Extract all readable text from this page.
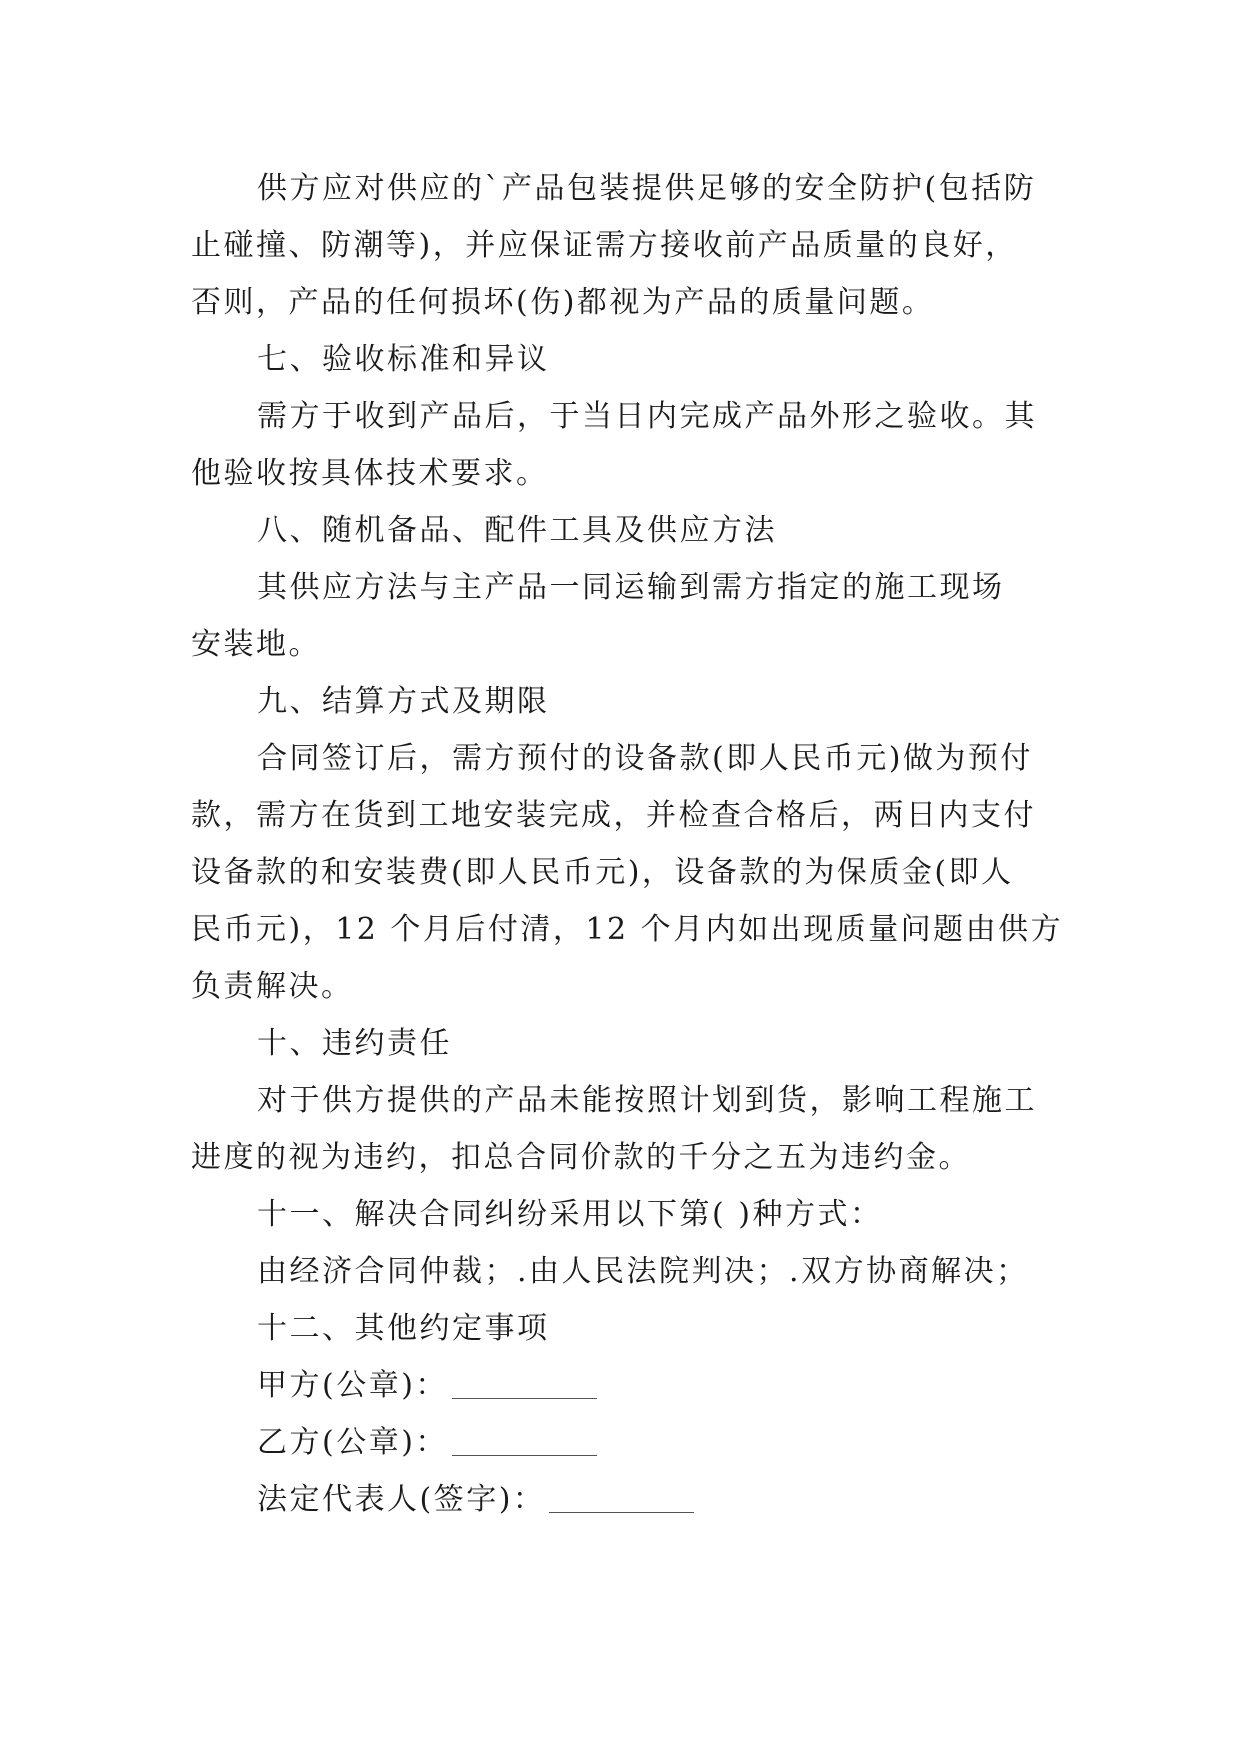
供方应对供应的`产品包装提供足够的安全防护(包括防
止碰撞、防潮等)，并应保证需方接收前产品质量的良好，
否则，产品的任何损坏(伤)都视为产品的质量问题。
七、验收标准和异议
需方于收到产品后，于当日内完成产品外形之验收。其
他验收按具体技术要求。
八、随机备品、配件工具及供应方法
其供应方法与主产品一同运输到需方指定的施工现场
安装地。
九、结算方式及期限
合同签订后，需方预付的设备款(即人民币元)做为预付
款，需方在货到工地安装完成，并检查合格后，两日内支付
设备款的和安装费(即人民币元)，设备款的为保质金(即人
民币元)，12 个月后付清，12 个月内如出现质量问题由供方
负责解决。
十、违约责任
对于供方提供的产品未能按照计划到货，影响工程施工
进度的视为违约，扣总合同价款的千分之五为违约金。
十一、解决合同纠纷采用以下第( )种方式：
由经济合同仲裁；.由人民法院判决；.双方协商解决；
十二、其他约定事项
甲方(公章)：
乙方(公章)：
法定代表人(签字)：
